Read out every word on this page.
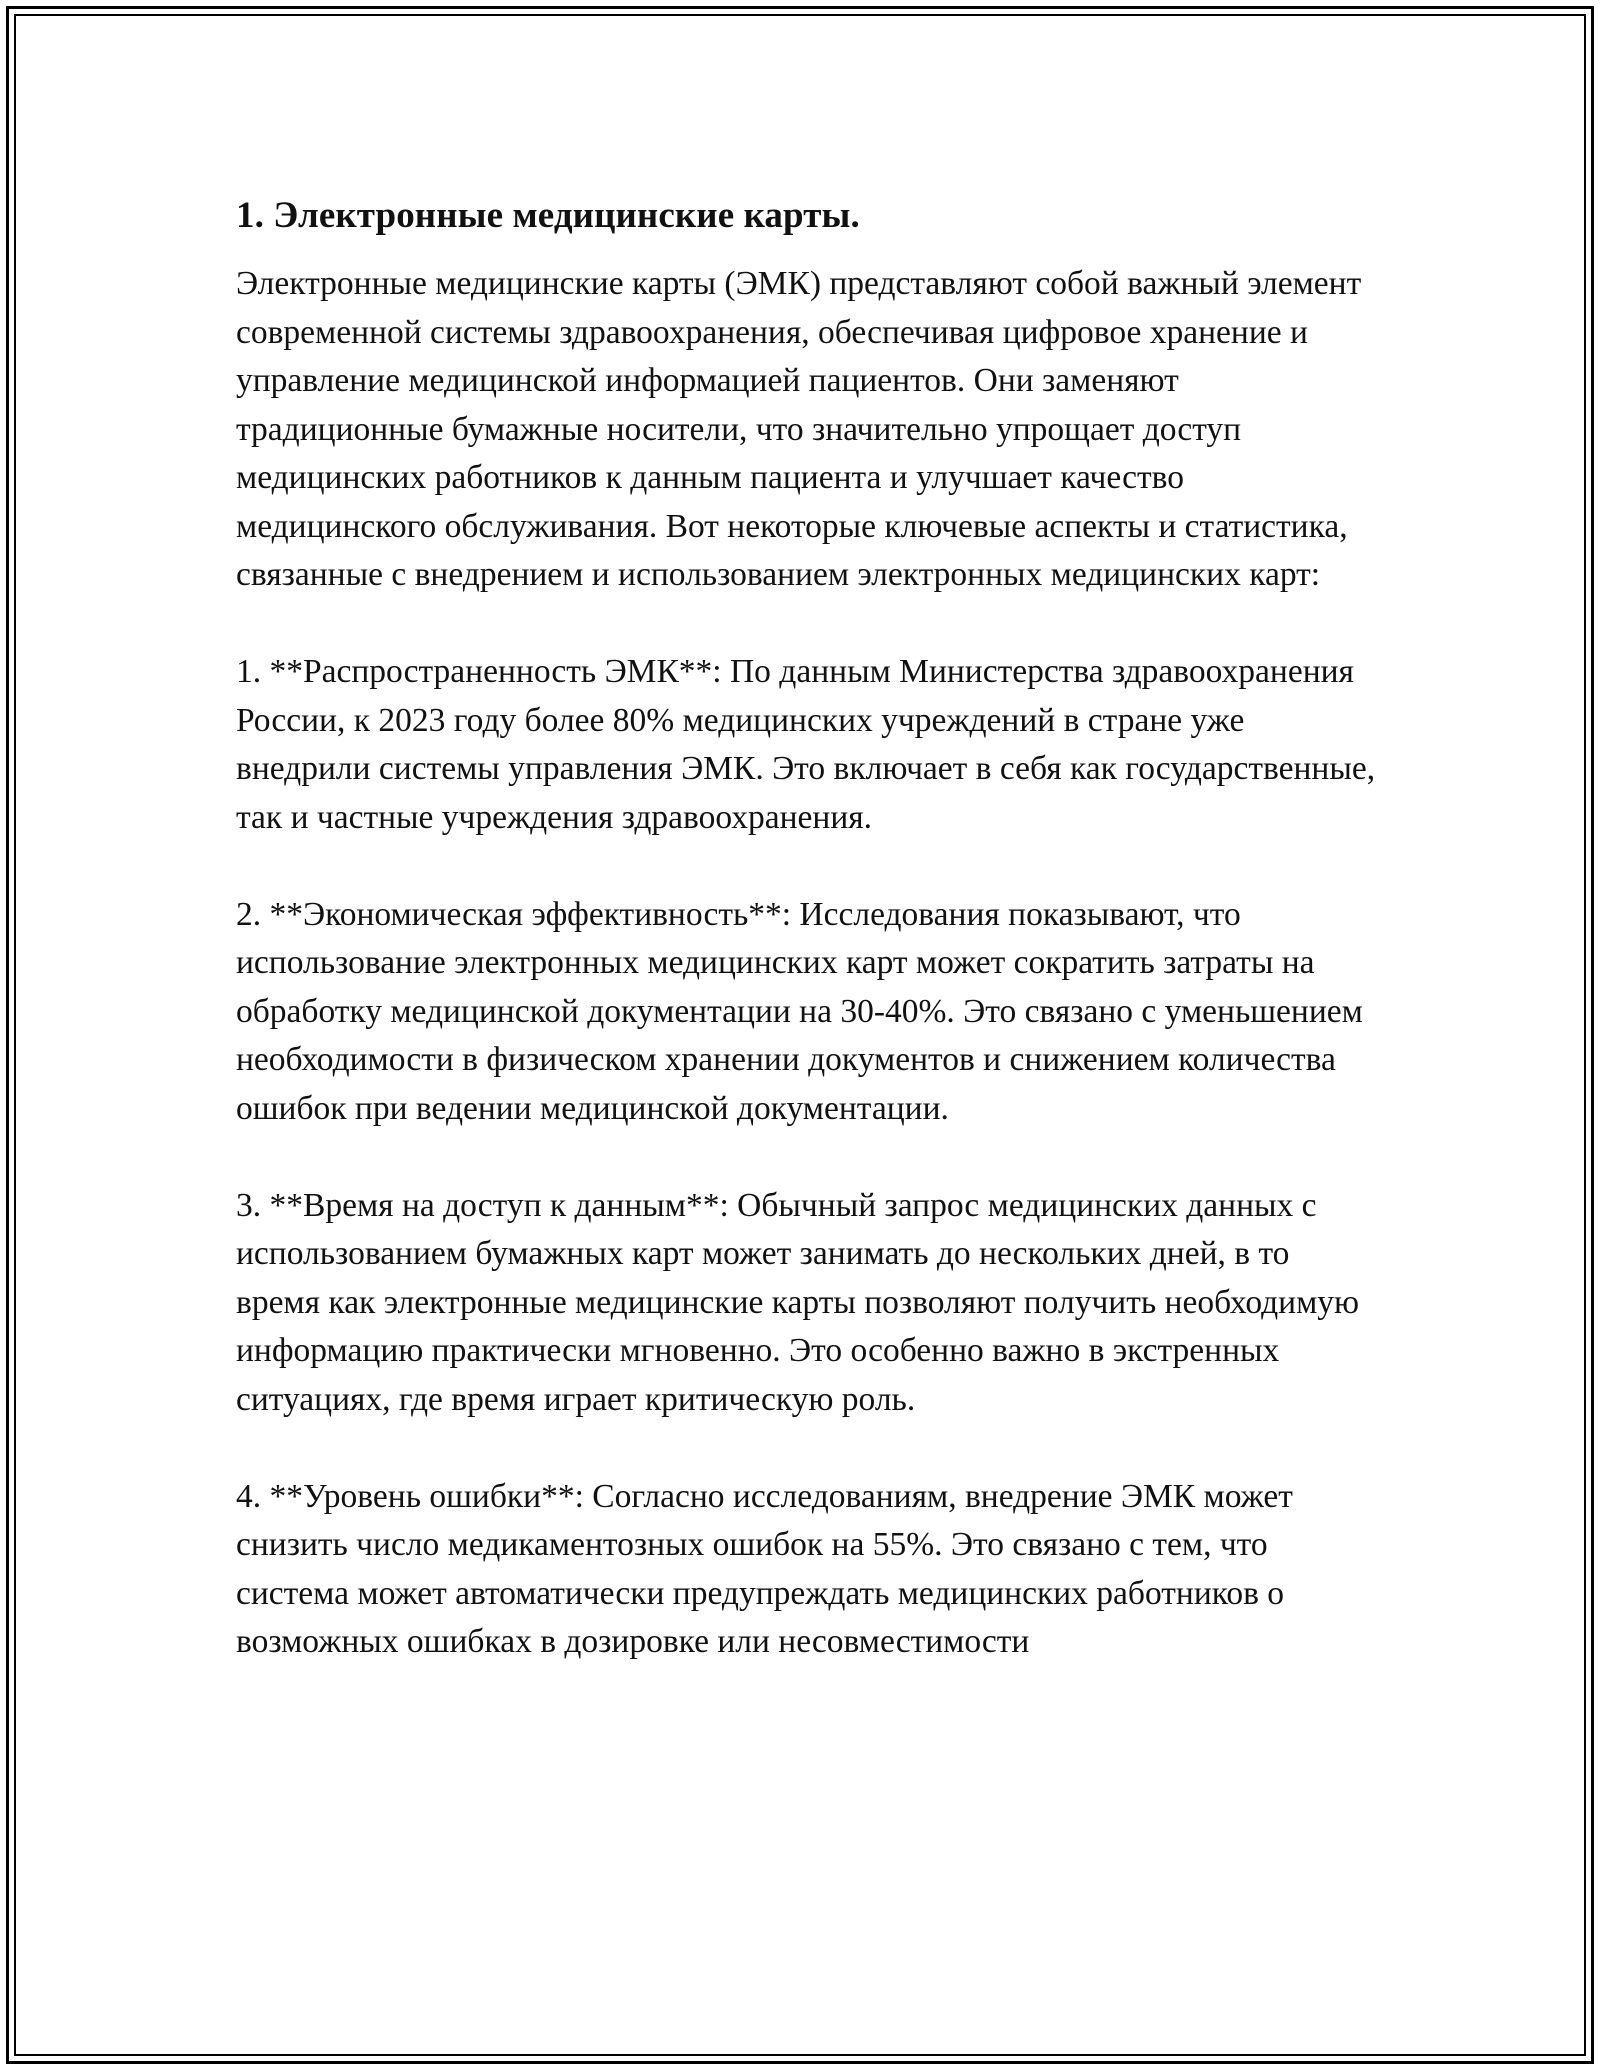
1. Электронные медицинские карты.
Электронные медицинские карты (ЭМК) представляют собой важный элемент современной системы здравоохранения, обеспечивая цифровое хранение и управление медицинской информацией пациентов. Они заменяют традиционные бумажные носители, что значительно упрощает доступ медицинских работников к данным пациента и улучшает качество медицинского обслуживания. Вот некоторые ключевые аспекты и статистика, связанные с внедрением и использованием электронных медицинских карт:
1. **Распространенность ЭМК**: По данным Министерства здравоохранения России, к 2023 году более 80% медицинских учреждений в стране уже внедрили системы управления ЭМК. Это включает в себя как государственные, так и частные учреждения здравоохранения.
2. **Экономическая эффективность**: Исследования показывают, что использование электронных медицинских карт может сократить затраты на обработку медицинской документации на 30-40%. Это связано с уменьшением необходимости в физическом хранении документов и снижением количества ошибок при ведении медицинской документации.
3. **Время на доступ к данным**: Обычный запрос медицинских данных с использованием бумажных карт может занимать до нескольких дней, в то время как электронные медицинские карты позволяют получить необходимую информацию практически мгновенно. Это особенно важно в экстренных ситуациях, где время играет критическую роль.
4. **Уровень ошибки**: Согласно исследованиям, внедрение ЭМК может снизить число медикаментозных ошибок на 55%. Это связано с тем, что система может автоматически предупреждать медицинских работников о возможных ошибках в дозировке или несовместимости
